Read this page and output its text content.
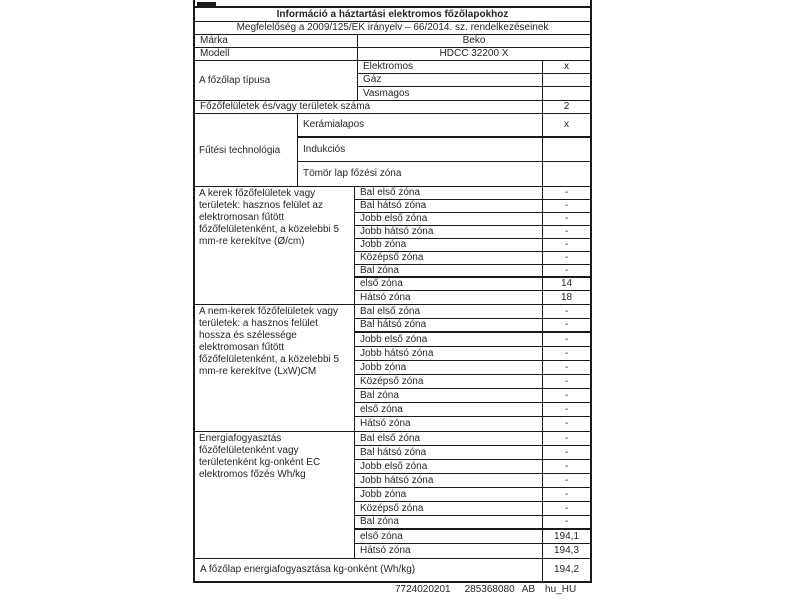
Információ a háztartási elektromos főzőlapokhoz
Megfelelőség a 2009/125/EK irányelv – 66/2014. sz. rendelkezéseinek
Márka	Beko
Modell	HDCC 32200 X
A főzőlap típusa
Elektromos	x
Gáz
Vasmagos
Főzőfelületek és/vagy területek száma	2
Fűtési technológia
Kerámialapos	x
Indukciós
Tömör lap főzési zóna
A kerek főzőfelületek vagy területek: hasznos felület az elektromosan fűtött főzőfelületenként, a közelebbi 5 mm-re kerekítve (Ø/cm)
Bal első zóna	-
Bal hátsó zóna	-
Jobb első zóna	-
Jobb hátsó zóna	-
Jobb zóna	-
Középső zóna	-
Bal zóna	-
első zóna	14
Hátsó zóna	18
A nem-kerek főzőfelületek vagy területek: a hasznos felület hossza és szélessége elektromosan fűtött főzőfelületenként, a közelebbi 5 mm-re kerekítve (LxW)CM
Bal első zóna	-
Bal hátsó zóna	-
Jobb első zóna	-
Jobb hátsó zóna	-
Jobb zóna	-
Középső zóna	-
Bal zóna	-
első zóna	-
Hátsó zóna	-
Energiafogyasztás főzőfelületenként vagy területenként kg-onként EC elektromos főzés Wh/kg
Bal első zóna	-
Bal hátsó zóna	-
Jobb első zóna	-
Jobb hátsó zóna	-
Jobb zóna	-
Középső zóna	-
Bal zóna	-
első zóna	194,1
Hátsó zóna	194,3
A főzőlap energiafogyasztása kg-onként (Wh/kg)	194,2
7724020201 285368080 AB hu_HU
